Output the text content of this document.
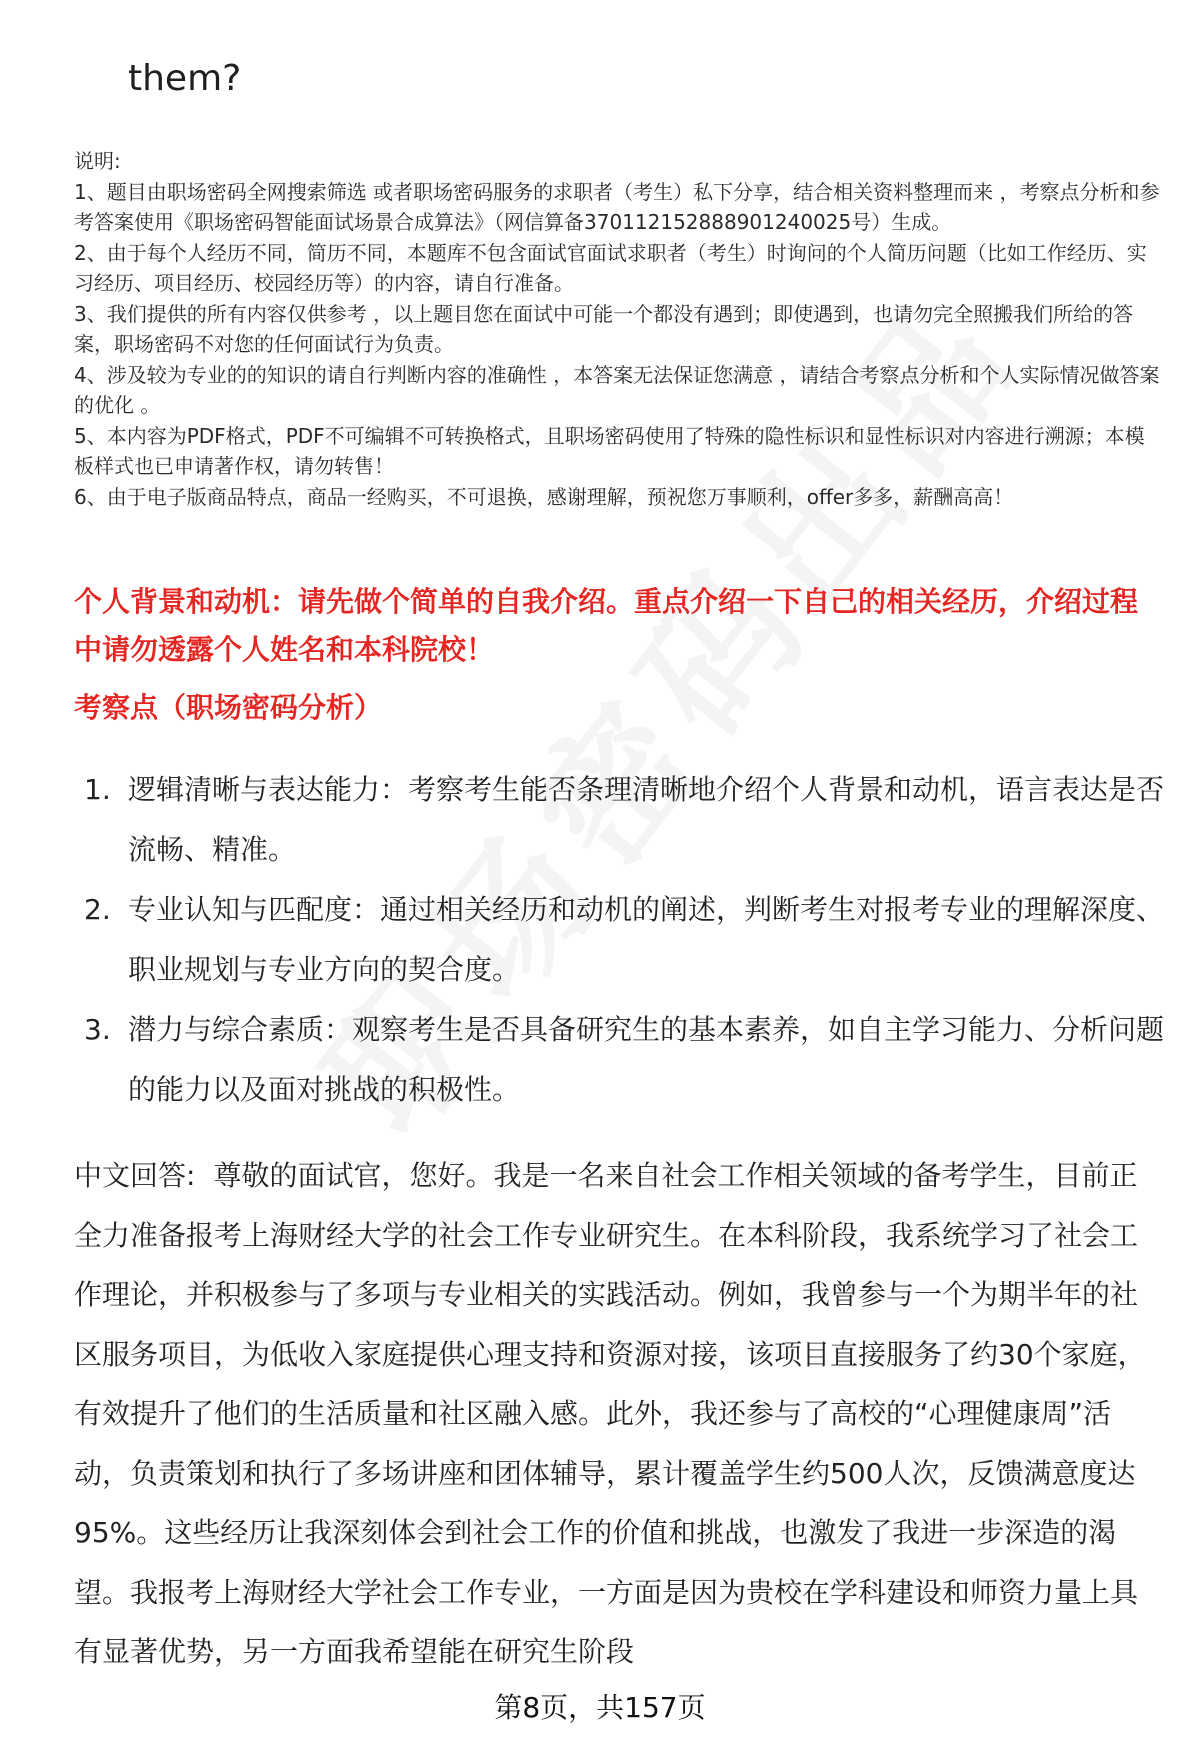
them?

说明:

1、题目由职场密码全网搜索筛选 或者职场密码服务的求职者（考生）私下分享，结合相关资料整理而来 ，考察点分析和参考答案使用《职场密码智能面试场景合成算法》（网信算备370112152888901240025号）生成。

2、由于每个人经历不同，简历不同，本题库不包含面试官面试求职者（考生）时询问的个人简历问题（比如工作经历、实习经历、项目经历、校园经历等）的内容，请自行准备。

3、我们提供的所有内容仅供参考 ，以上题目您在面试中可能一个都没有遇到；即使遇到，也请勿完全照搬我们所给的答案，职场密码不对您的任何面试行为负责。

4、涉及较为专业的的知识的请自行判断内容的准确性 ，本答案无法保证您满意 ，请结合考察点分析和个人实际情况做答案的优化 。

5、本内容为PDF格式，PDF不可编辑不可转换格式，且职场密码使用了特殊的隐性标识和显性标识对内容进行溯源；本模板样式也已申请著作权，请勿转售！

6、由于电子版商品特点，商品一经购买，不可退换，感谢理解，预祝您万事顺利，offer多多，薪酬高高！

个人背景和动机：请先做个简单的自我介绍。重点介绍一下自己的相关经历，介绍过程中请勿透露个人姓名和本科院校！
考察点（职场密码分析）
1. 逻辑清晰与表达能力：考察考生能否条理清晰地介绍个人背景和动机，语言表达是否流畅、精准。
2. 专业认知与匹配度：通过相关经历和动机的阐述，判断考生对报考专业的理解深度、职业规划与专业方向的契合度。
3. 潜力与综合素质：观察考生是否具备研究生的基本素养，如自主学习能力、分析问题的能力以及面对挑战的积极性。

中文回答: 尊敬的面试官，您好。我是一名来自社会工作相关领域的备考学生，目前正全力准备报考上海财经大学的社会工作专业研究生。在本科阶段，我系统学习了社会工作理论，并积极参与了多项与专业相关的实践活动。例如，我曾参与一个为期半年的社区服务项目，为低收入家庭提供心理支持和资源对接，该项目直接服务了约30个家庭，有效提升了他们的生活质量和社区融入感。此外，我还参与了高校的“心理健康周”活动，负责策划和执行了多场讲座和团体辅导，累计覆盖学生约500人次，反馈满意度达95%。这些经历让我深刻体会到社会工作的价值和挑战，也激发了我进一步深造的渴望。我报考上海财经大学社会工作专业，一方面是因为贵校在学科建设和师资力量上具有显著优势，另一方面我希望能在研究生阶段

第8页，共157页
